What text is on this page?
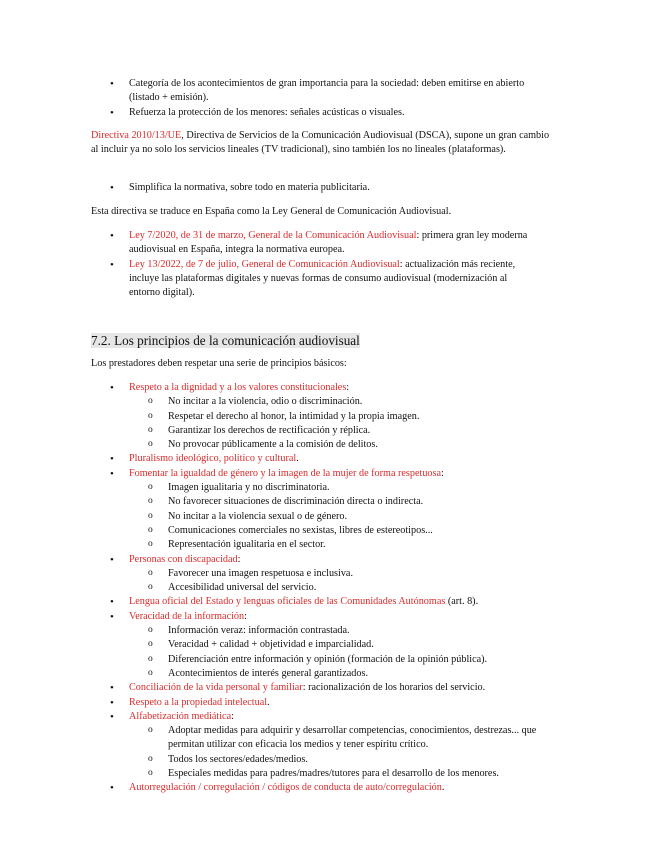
• Categoría de los acontecimientos de gran importancia para la sociedad: deben emitirse en abierto (listado + emisión).
• Refuerza la protección de los menores: señales acústicas o visuales.

Directiva 2010/13/UE, Directiva de Servicios de la Comunicación Audiovisual (DSCA), supone un gran cambio al incluir ya no solo los servicios lineales (TV tradicional), sino también los no lineales (plataformas).

• Simplifica la normativa, sobre todo en materia publicitaria.

Esta directiva se traduce en España como la Ley General de Comunicación Audiovisual.

• Ley 7/2020, de 31 de marzo, General de la Comunicación Audiovisual: primera gran ley moderna audiovisual en España, integra la normativa europea.
• Ley 13/2022, de 7 de julio, General de Comunicación Audiovisual: actualización más reciente, incluye las plataformas digitales y nuevas formas de consumo audiovisual (modernización al entorno digital).
7.2. Los principios de la comunicación audiovisual

Los prestadores deben respetar una serie de principios básicos:

• Respeto a la dignidad y a los valores constitucionales:
o No incitar a la violencia, odio o discriminación.
o Respetar el derecho al honor, la intimidad y la propia imagen.
o Garantizar los derechos de rectificación y réplica.
o No provocar públicamente a la comisión de delitos.
• Pluralismo ideológico, político y cultural.
• Fomentar la igualdad de género y la imagen de la mujer de forma respetuosa:
o Imagen igualitaria y no discriminatoria.
o No favorecer situaciones de discriminación directa o indirecta.
o No incitar a la violencia sexual o de género.
o Comunicaciones comerciales no sexistas, libres de estereotipos...
o Representación igualitaria en el sector.
• Personas con discapacidad:
o Favorecer una imagen respetuosa e inclusiva.
o Accesibilidad universal del servicio.
• Lengua oficial del Estado y lenguas oficiales de las Comunidades Autónomas (art. 8).
• Veracidad de la información:
o Información veraz: información contrastada.
o Veracidad + calidad + objetividad e imparcialidad.
o Diferenciación entre información y opinión (formación de la opinión pública).
o Acontecimientos de interés general garantizados.
• Conciliación de la vida personal y familiar: racionalización de los horarios del servicio.
• Respeto a la propiedad intelectual.
• Alfabetización mediática:
o Adoptar medidas para adquirir y desarrollar competencias, conocimientos, destrezas... que permitan utilizar con eficacia los medios y tener espíritu crítico.
o Todos los sectores/edades/medios.
o Especiales medidas para padres/madres/tutores para el desarrollo de los menores.
• Autorregulación / corregulación / códigos de conducta de auto/corregulación.
